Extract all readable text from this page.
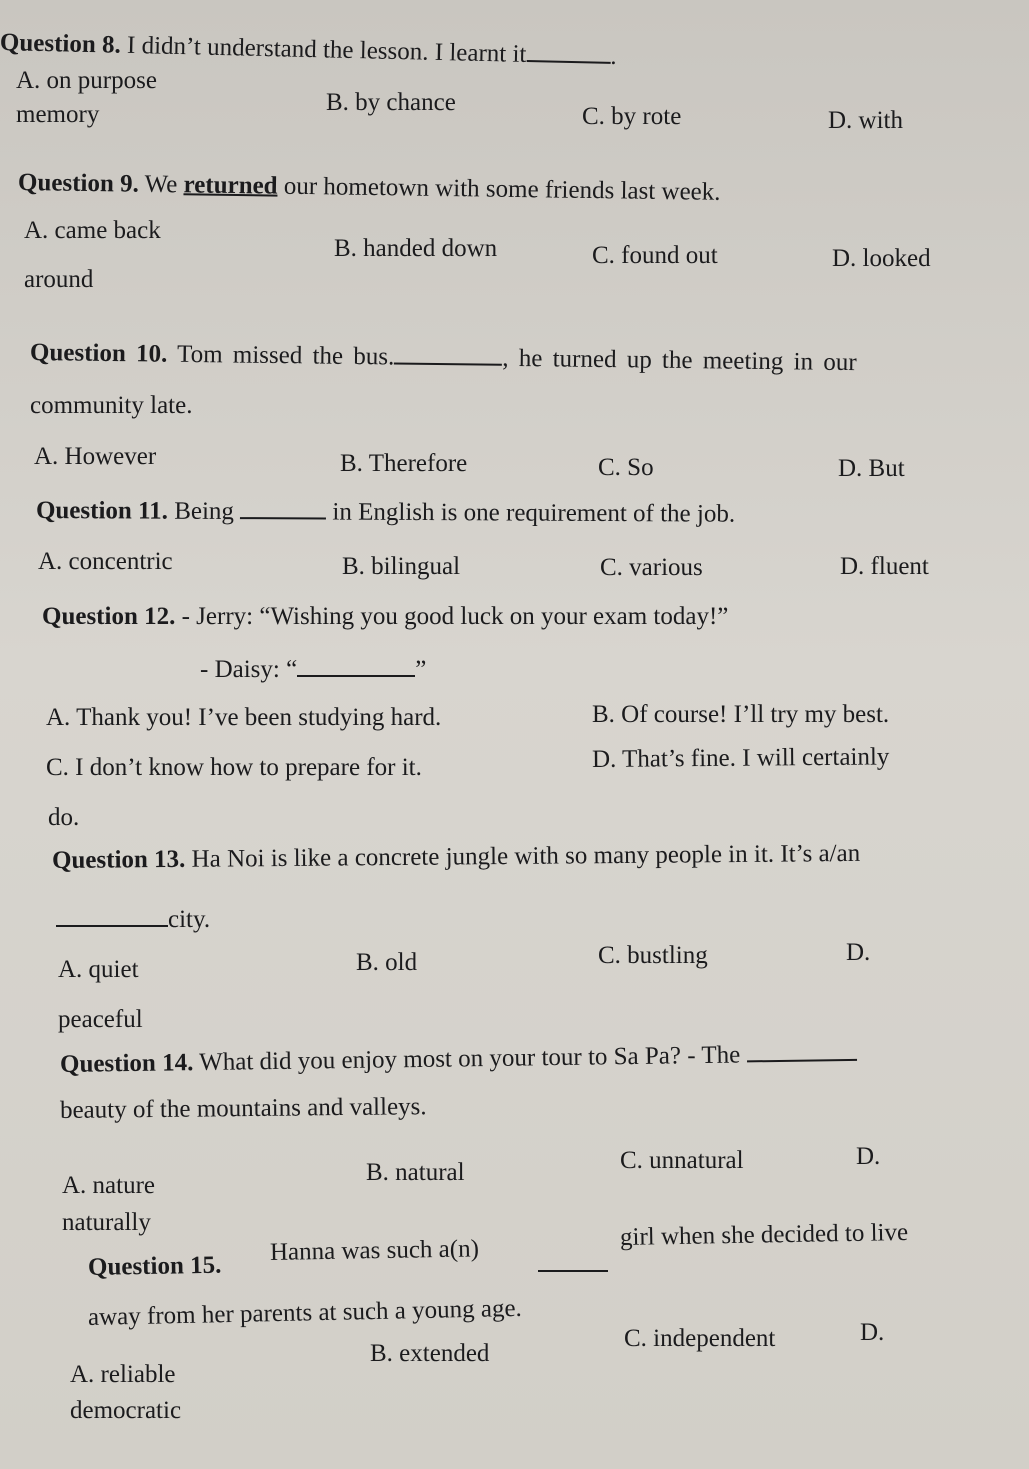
Question 8. I didn’t understand the lesson. I learnt it	.
A. on purpose
B. by chance
C. by rote	D. with
memory
Question 9. We returned our hometown with some friends last week.
A. came back
B. handed down	C. found out	D. looked
around
Question 10. Tom missed the bus.	, he turned up the meeting in our
community late.
A. However	B. Therefore	C. So	D. But
Question 11. Being	in English is one requirement of the job.
A. concentric	B. bilingual	C. various	D. fluent
Question 12. - Jerry: “Wishing you good luck on your exam today!”
- Daisy: “	”
A. Thank you! I’ve been studying hard.	B. Of course! I’ll try my best.
C. I don’t know how to prepare for it.	D. That’s fine. I will certainly
do.
Question 13. Ha Noi is like a concrete jungle with so many people in it. It’s a/an
city.
A. quiet	B. old	C. bustling	D.
peaceful
Question 14. What did you enjoy most on your tour to Sa Pa? - The
beauty of the mountains and valleys.
A. nature	B. natural	C. unnatural	D.
naturally
Question 15.
Hanna was such a(n)	girl when she decided to live
away from her parents at such a young age.
A. reliable
B. extended
C. independent	D.
democratic
